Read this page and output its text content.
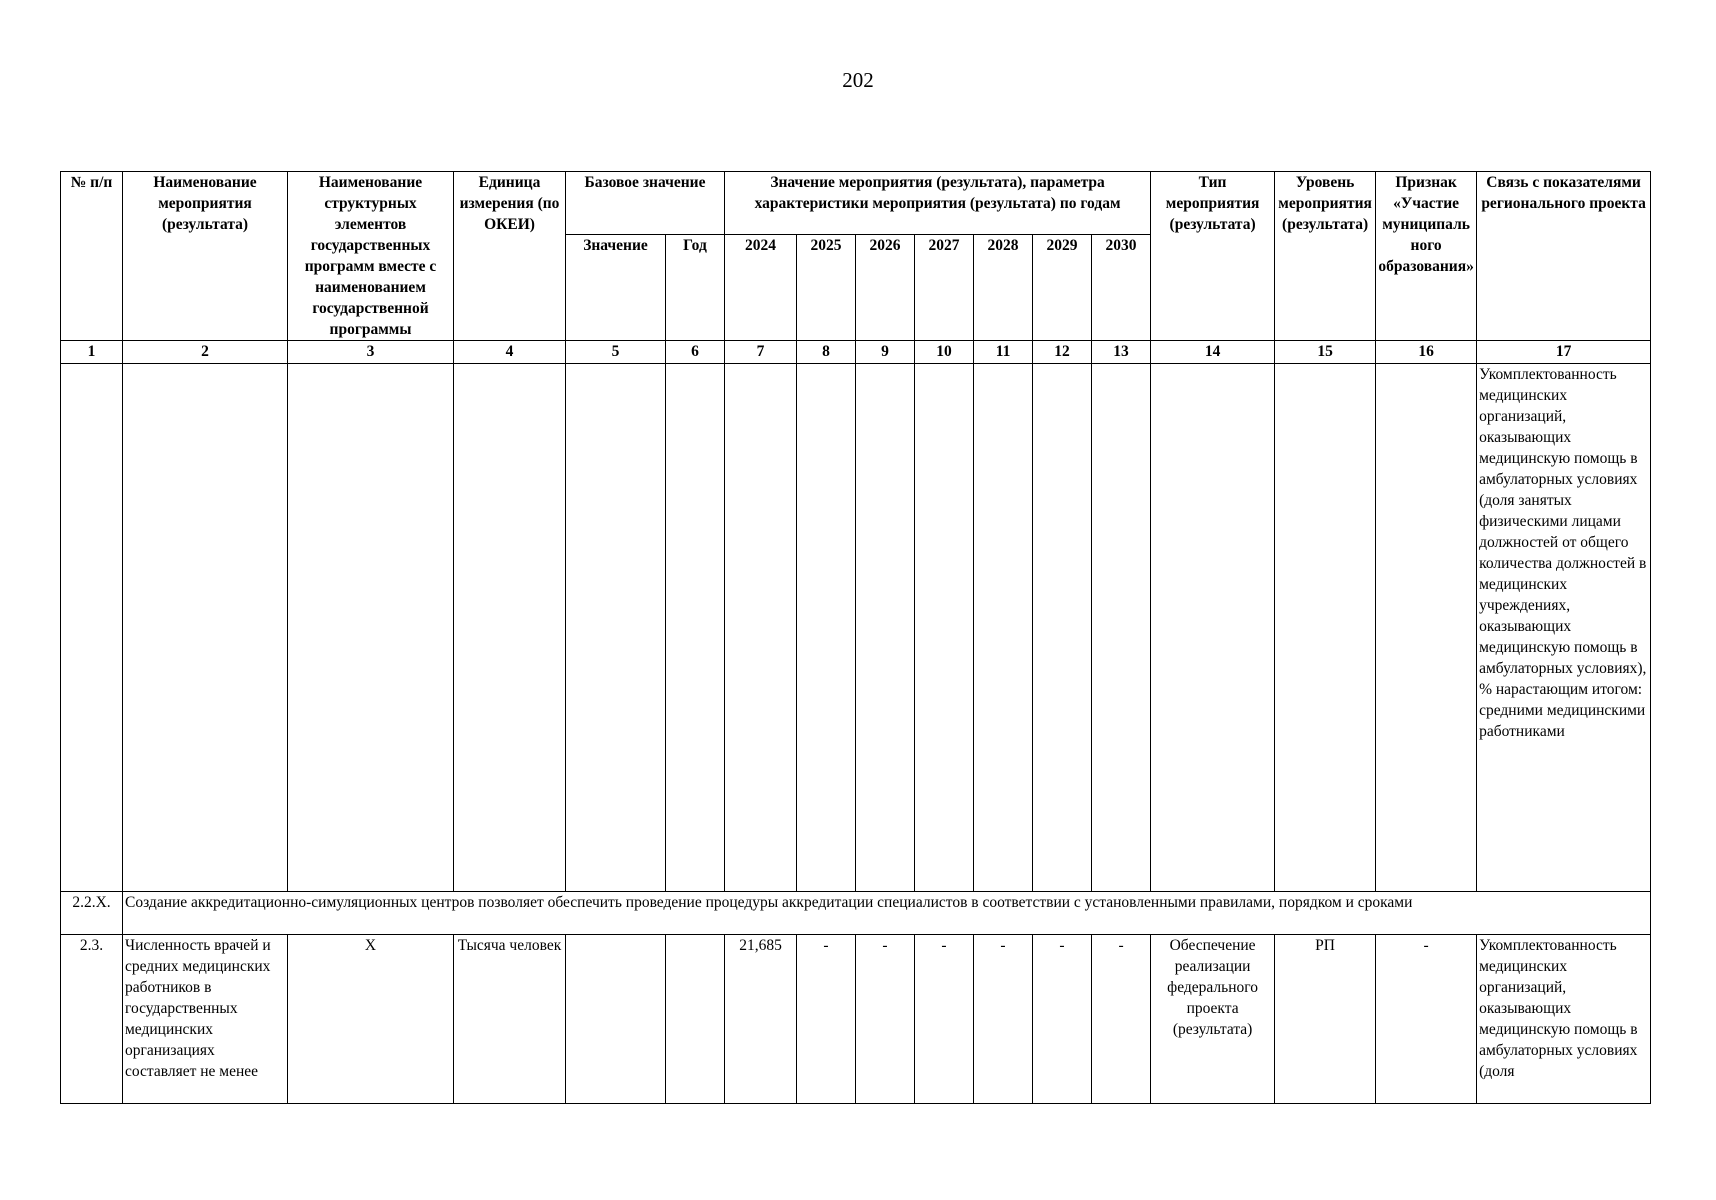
202
№ п/п	Наименование мероприятия (результата)	Наименование структурных элементов государственных программ вместе с наименованием государственной программы	Единица измерения (по ОКЕИ)	Базовое значение		Значение мероприятия (результата), параметра характеристики мероприятия (результата) по годам							Тип мероприятия (результата)	Уровень мероприятия (результата)	Признак «Участие муниципального образования»	Связь с показателями регионального проекта
				Значение	Год	2024	2025	2026	2027	2028	2029	2030				
1	2	3	4	5	6	7	8	9	10	11	12	13	14	15	16	17
																Укомплектованность медицинских организаций, оказывающих медицинскую помощь в амбулаторных условиях (доля занятых физическими лицами должностей от общего количества должностей в медицинских учреждениях, оказывающих медицинскую помощь в амбулаторных условиях), % нарастающим итогом: средними медицинскими работниками
2.2.Х.	Создание аккредитационно-симуляционных центров позволяет обеспечить проведение процедуры аккредитации специалистов в соответствии с установленными правилами, порядком и сроками															
2.3.	Численность врачей и средних медицинских работников в государственных медицинских организациях составляет не менее	Х	Тысяча человек			21,685	-	-	-	-	-	-	Обеспечение реализации федерального проекта (результата)	РП	-	Укомплектованность медицинских организаций, оказывающих медицинскую помощь в амбулаторных условиях (доля
